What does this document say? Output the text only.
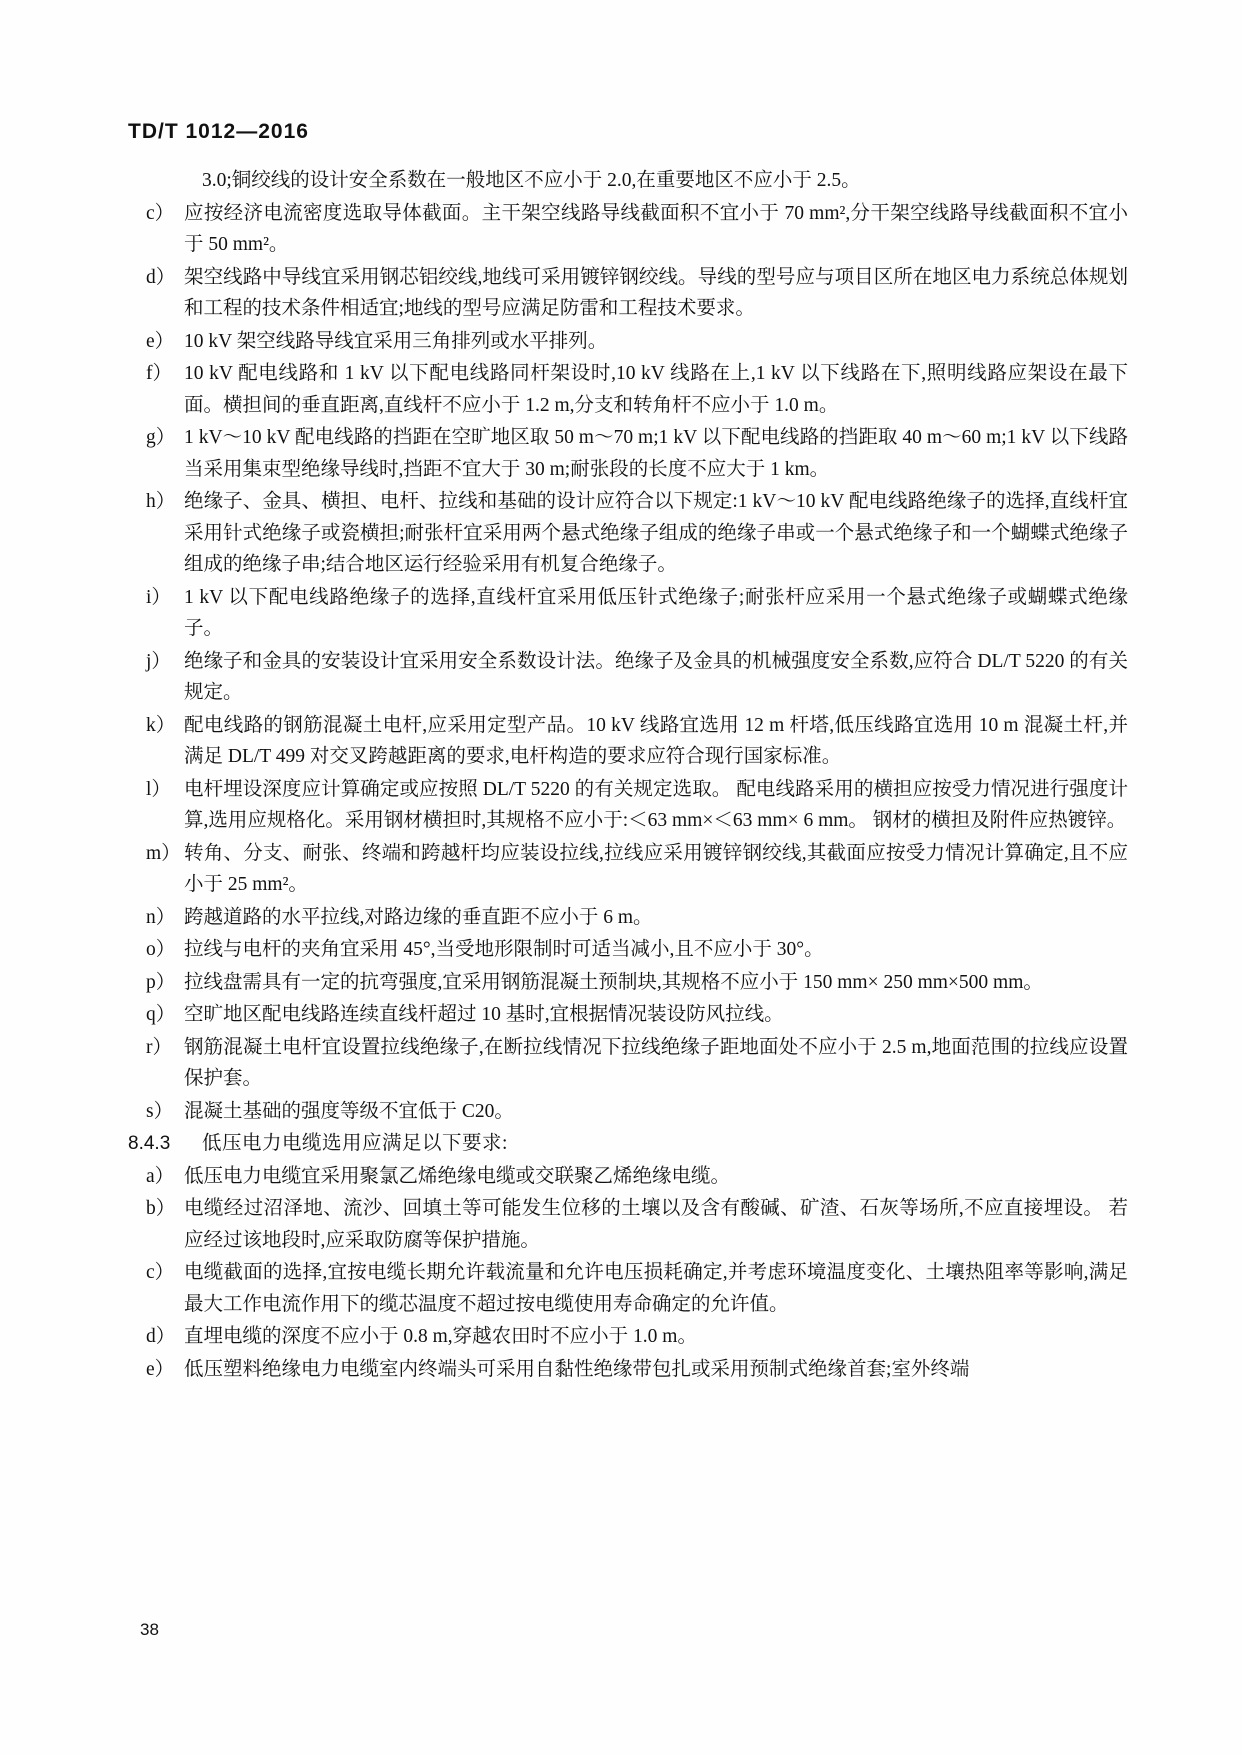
TD/T 1012—2016
3.0;铜绞线的设计安全系数在一般地区不应小于 2.0,在重要地区不应小于 2.5。
c） 应按经济电流密度选取导体截面。主干架空线路导线截面积不宜小于 70 mm²,分干架空线路导线截面积不宜小于 50 mm²。
d） 架空线路中导线宜采用钢芯铝绞线,地线可采用镀锌钢绞线。导线的型号应与项目区所在地区电力系统总体规划和工程的技术条件相适宜;地线的型号应满足防雷和工程技术要求。
e） 10 kV 架空线路导线宜采用三角排列或水平排列。
f） 10 kV 配电线路和 1 kV 以下配电线路同杆架设时,10 kV 线路在上,1 kV 以下线路在下,照明线路应架设在最下面。横担间的垂直距离,直线杆不应小于 1.2 m,分支和转角杆不应小于 1.0 m。
g） 1 kV～10 kV 配电线路的挡距在空旷地区取 50 m～70 m;1 kV 以下配电线路的挡距取 40 m～60 m;1 kV 以下线路当采用集束型绝缘导线时,挡距不宜大于 30 m;耐张段的长度不应大于 1 km。
h） 绝缘子、金具、横担、电杆、拉线和基础的设计应符合以下规定:1 kV～10 kV 配电线路绝缘子的选择,直线杆宜采用针式绝缘子或瓷横担;耐张杆宜采用两个悬式绝缘子组成的绝缘子串或一个悬式绝缘子和一个蝴蝶式绝缘子组成的绝缘子串;结合地区运行经验采用有机复合绝缘子。
i） 1 kV 以下配电线路绝缘子的选择,直线杆宜采用低压针式绝缘子;耐张杆应采用一个悬式绝缘子或蝴蝶式绝缘子。
j） 绝缘子和金具的安装设计宜采用安全系数设计法。绝缘子及金具的机械强度安全系数,应符合 DL/T 5220 的有关规定。
k） 配电线路的钢筋混凝土电杆,应采用定型产品。10 kV 线路宜选用 12 m 杆塔,低压线路宜选用 10 m 混凝土杆,并满足 DL/T 499 对交叉跨越距离的要求,电杆构造的要求应符合现行国家标准。
l） 电杆埋设深度应计算确定或应按照 DL/T 5220 的有关规定选取。 配电线路采用的横担应按受力情况进行强度计算,选用应规格化。采用钢材横担时,其规格不应小于:＜63 mm×＜63 mm× 6 mm。 钢材的横担及附件应热镀锌。
m） 转角、分支、耐张、终端和跨越杆均应装设拉线,拉线应采用镀锌钢绞线,其截面应按受力情况计算确定,且不应小于 25 mm²。
n） 跨越道路的水平拉线,对路边缘的垂直距不应小于 6 m。
o） 拉线与电杆的夹角宜采用 45°,当受地形限制时可适当减小,且不应小于 30°。
p） 拉线盘需具有一定的抗弯强度,宜采用钢筋混凝土预制块,其规格不应小于 150 mm× 250 mm×500 mm。
q） 空旷地区配电线路连续直线杆超过 10 基时,宜根据情况装设防风拉线。
r） 钢筋混凝土电杆宜设置拉线绝缘子,在断拉线情况下拉线绝缘子距地面处不应小于 2.5 m,地面范围的拉线应设置保护套。
s） 混凝土基础的强度等级不宜低于 C20。
8.4.3	低压电力电缆选用应满足以下要求:
a） 低压电力电缆宜采用聚氯乙烯绝缘电缆或交联聚乙烯绝缘电缆。
b） 电缆经过沼泽地、流沙、回填土等可能发生位移的土壤以及含有酸碱、矿渣、石灰等场所,不应直接埋设。 若应经过该地段时,应采取防腐等保护措施。
c） 电缆截面的选择,宜按电缆长期允许载流量和允许电压损耗确定,并考虑环境温度变化、土壤热阻率等影响,满足最大工作电流作用下的缆芯温度不超过按电缆使用寿命确定的允许值。
d） 直埋电缆的深度不应小于 0.8 m,穿越农田时不应小于 1.0 m。
e） 低压塑料绝缘电力电缆室内终端头可采用自黏性绝缘带包扎或采用预制式绝缘首套;室外终端
38
